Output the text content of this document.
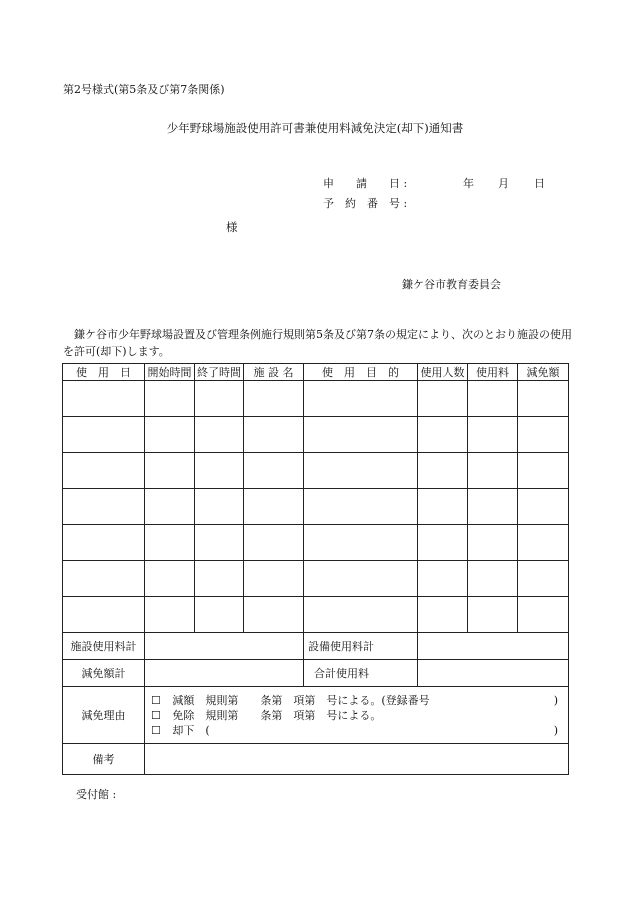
第2号様式(第5条及び第7条関係)
少年野球場施設使用許可書兼使用料減免決定(却下)通知書
申　　請　　日 :	年 月 日
予　約　番　号 :
様
鎌ケ谷市教育委員会
鎌ケ谷市少年野球場設置及び管理条例施行規則第5条及び第7条の規定により、次のとおり施設の使用を許可(却下)します。
使　用　日	開始時間	終了時間	施 設 名	使　用　目　的	使用人数	使用料	減免額

施設使用料計				設備使用料計			
減免額計				合計使用料			
減免理由	☐ 減額　規則第　　条第　項第　号による。(登録番号 )
☐ 免除　規則第　　条第　項第　号による。
☐ 却下　( )						

備考							
受付館 :
